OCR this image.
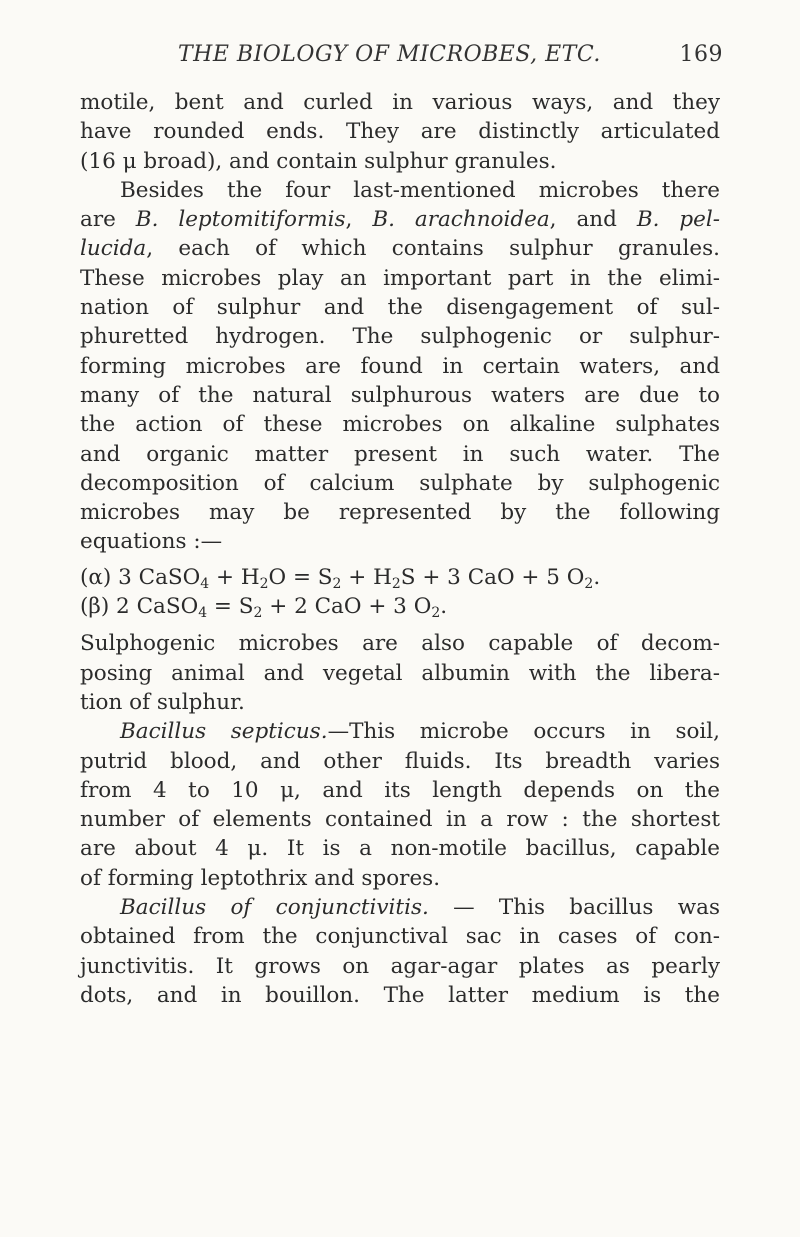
THE BIOLOGY OF MICROBES, ETC.	169
motile, bent and curled in various ways, and they
have rounded ends. They are distinctly articulated
(16 μ broad), and contain sulphur granules.
Besides the four last-mentioned microbes there
are B. leptomitiformis, B. arachnoidea, and B. pel-
lucida, each of which contains sulphur granules.
These microbes play an important part in the elimi-
nation of sulphur and the disengagement of sul-
phuretted hydrogen. The sulphogenic or sulphur-
forming microbes are found in certain waters, and
many of the natural sulphurous waters are due to
the action of these microbes on alkaline sulphates
and organic matter present in such water. The
decomposition of calcium sulphate by sulphogenic
microbes may be represented by the following
equations :—
(α) 3 CaSO$_4$ + $H_2O = S_2 + H_2S + 3$ CaO + 5 $O_2$.
(β) 2 CaSO$_4$ = $S_2 + 2$ CaO + 3 $O_2$.
Sulphogenic microbes are also capable of decom-
posing animal and vegetal albumin with the libera-
tion of sulphur.
Bacillus septicus.—This microbe occurs in soil,
putrid blood, and other fluids. Its breadth varies
from 4 to 10 μ, and its length depends on the
number of elements contained in a row : the shortest
are about 4 μ. It is a non-motile bacillus, capable
of forming leptothrix and spores.
Bacillus of conjunctivitis. — This bacillus was
obtained from the conjunctival sac in cases of con-
junctivitis. It grows on agar-agar plates as pearly
dots, and in bouillon. The latter medium is the
